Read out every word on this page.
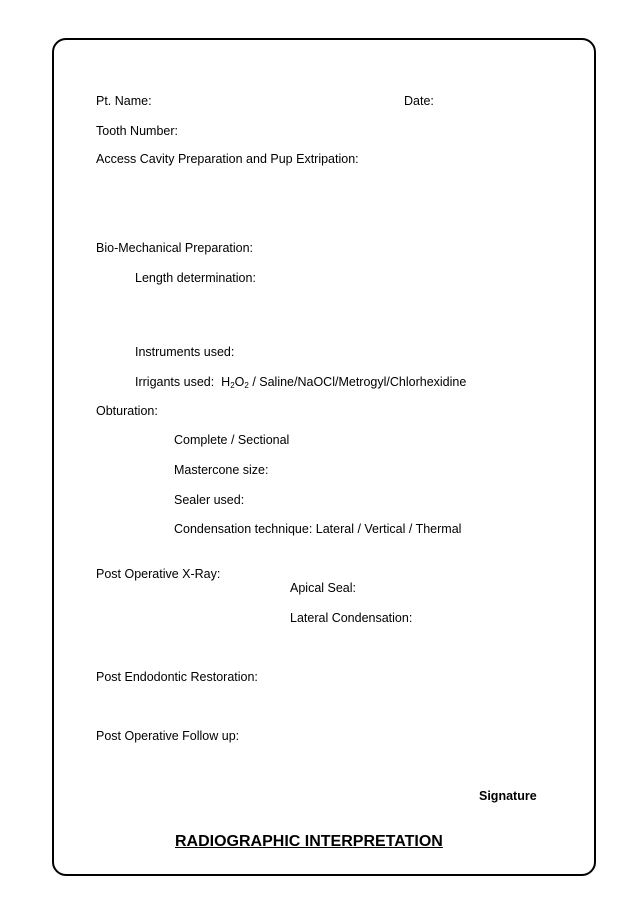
Pt. Name:	Date:
Tooth Number:
Access Cavity Preparation and Pup Extripation:
Bio-Mechanical Preparation:
Length determination:
Instruments used:
Irrigants used: $H_2O_2$ / Saline/NaOCl/Metrogyl/Chlorhexidine
Obturation:
Complete / Sectional
Mastercone size:
Sealer used:
Condensation technique: Lateral / Vertical / Thermal
Post Operative X-Ray:
Apical Seal:
Lateral Condensation:
Post Endodontic Restoration:
Post Operative Follow up:
Signature
RADIOGRAPHIC INTERPRETATION
